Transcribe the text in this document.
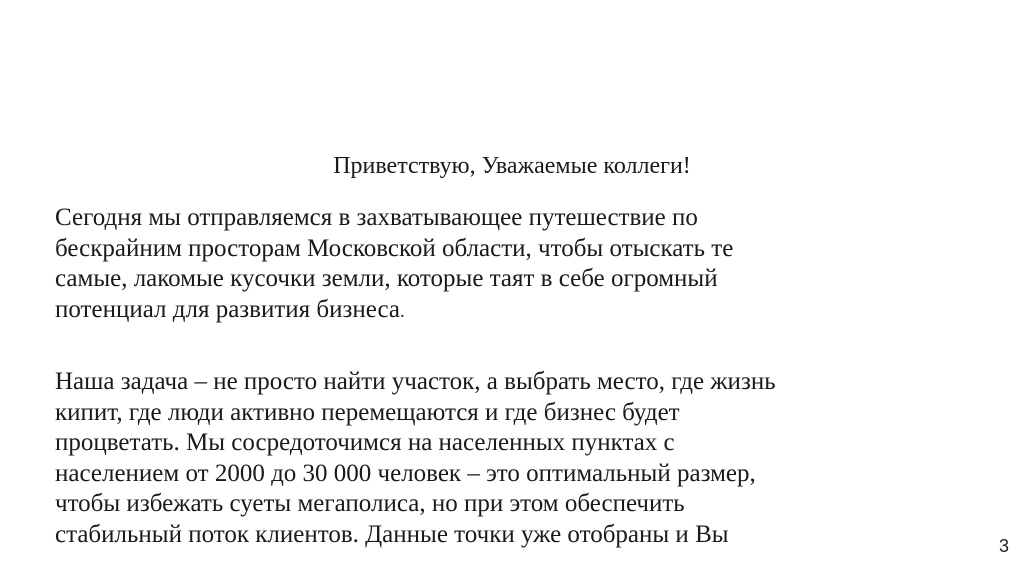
Приветствую, Уважаемые коллеги!

Сегодня мы отправляемся в захватывающее путешествие по
бескрайним просторам Московской области, чтобы отыскать те
самые, лакомые кусочки земли, которые таят в себе огромный
потенциал для развития бизнеса.

Наша задача – не просто найти участок, а выбрать место, где жизнь
кипит, где люди активно перемещаются и где бизнес будет
процветать. Мы сосредоточимся на населенных пунктах с
населением от 2000 до 30 000 человек – это оптимальный размер,
чтобы избежать суеты мегаполиса, но при этом обеспечить
стабильный поток клиентов. Данные точки уже отобраны и Вы	3
